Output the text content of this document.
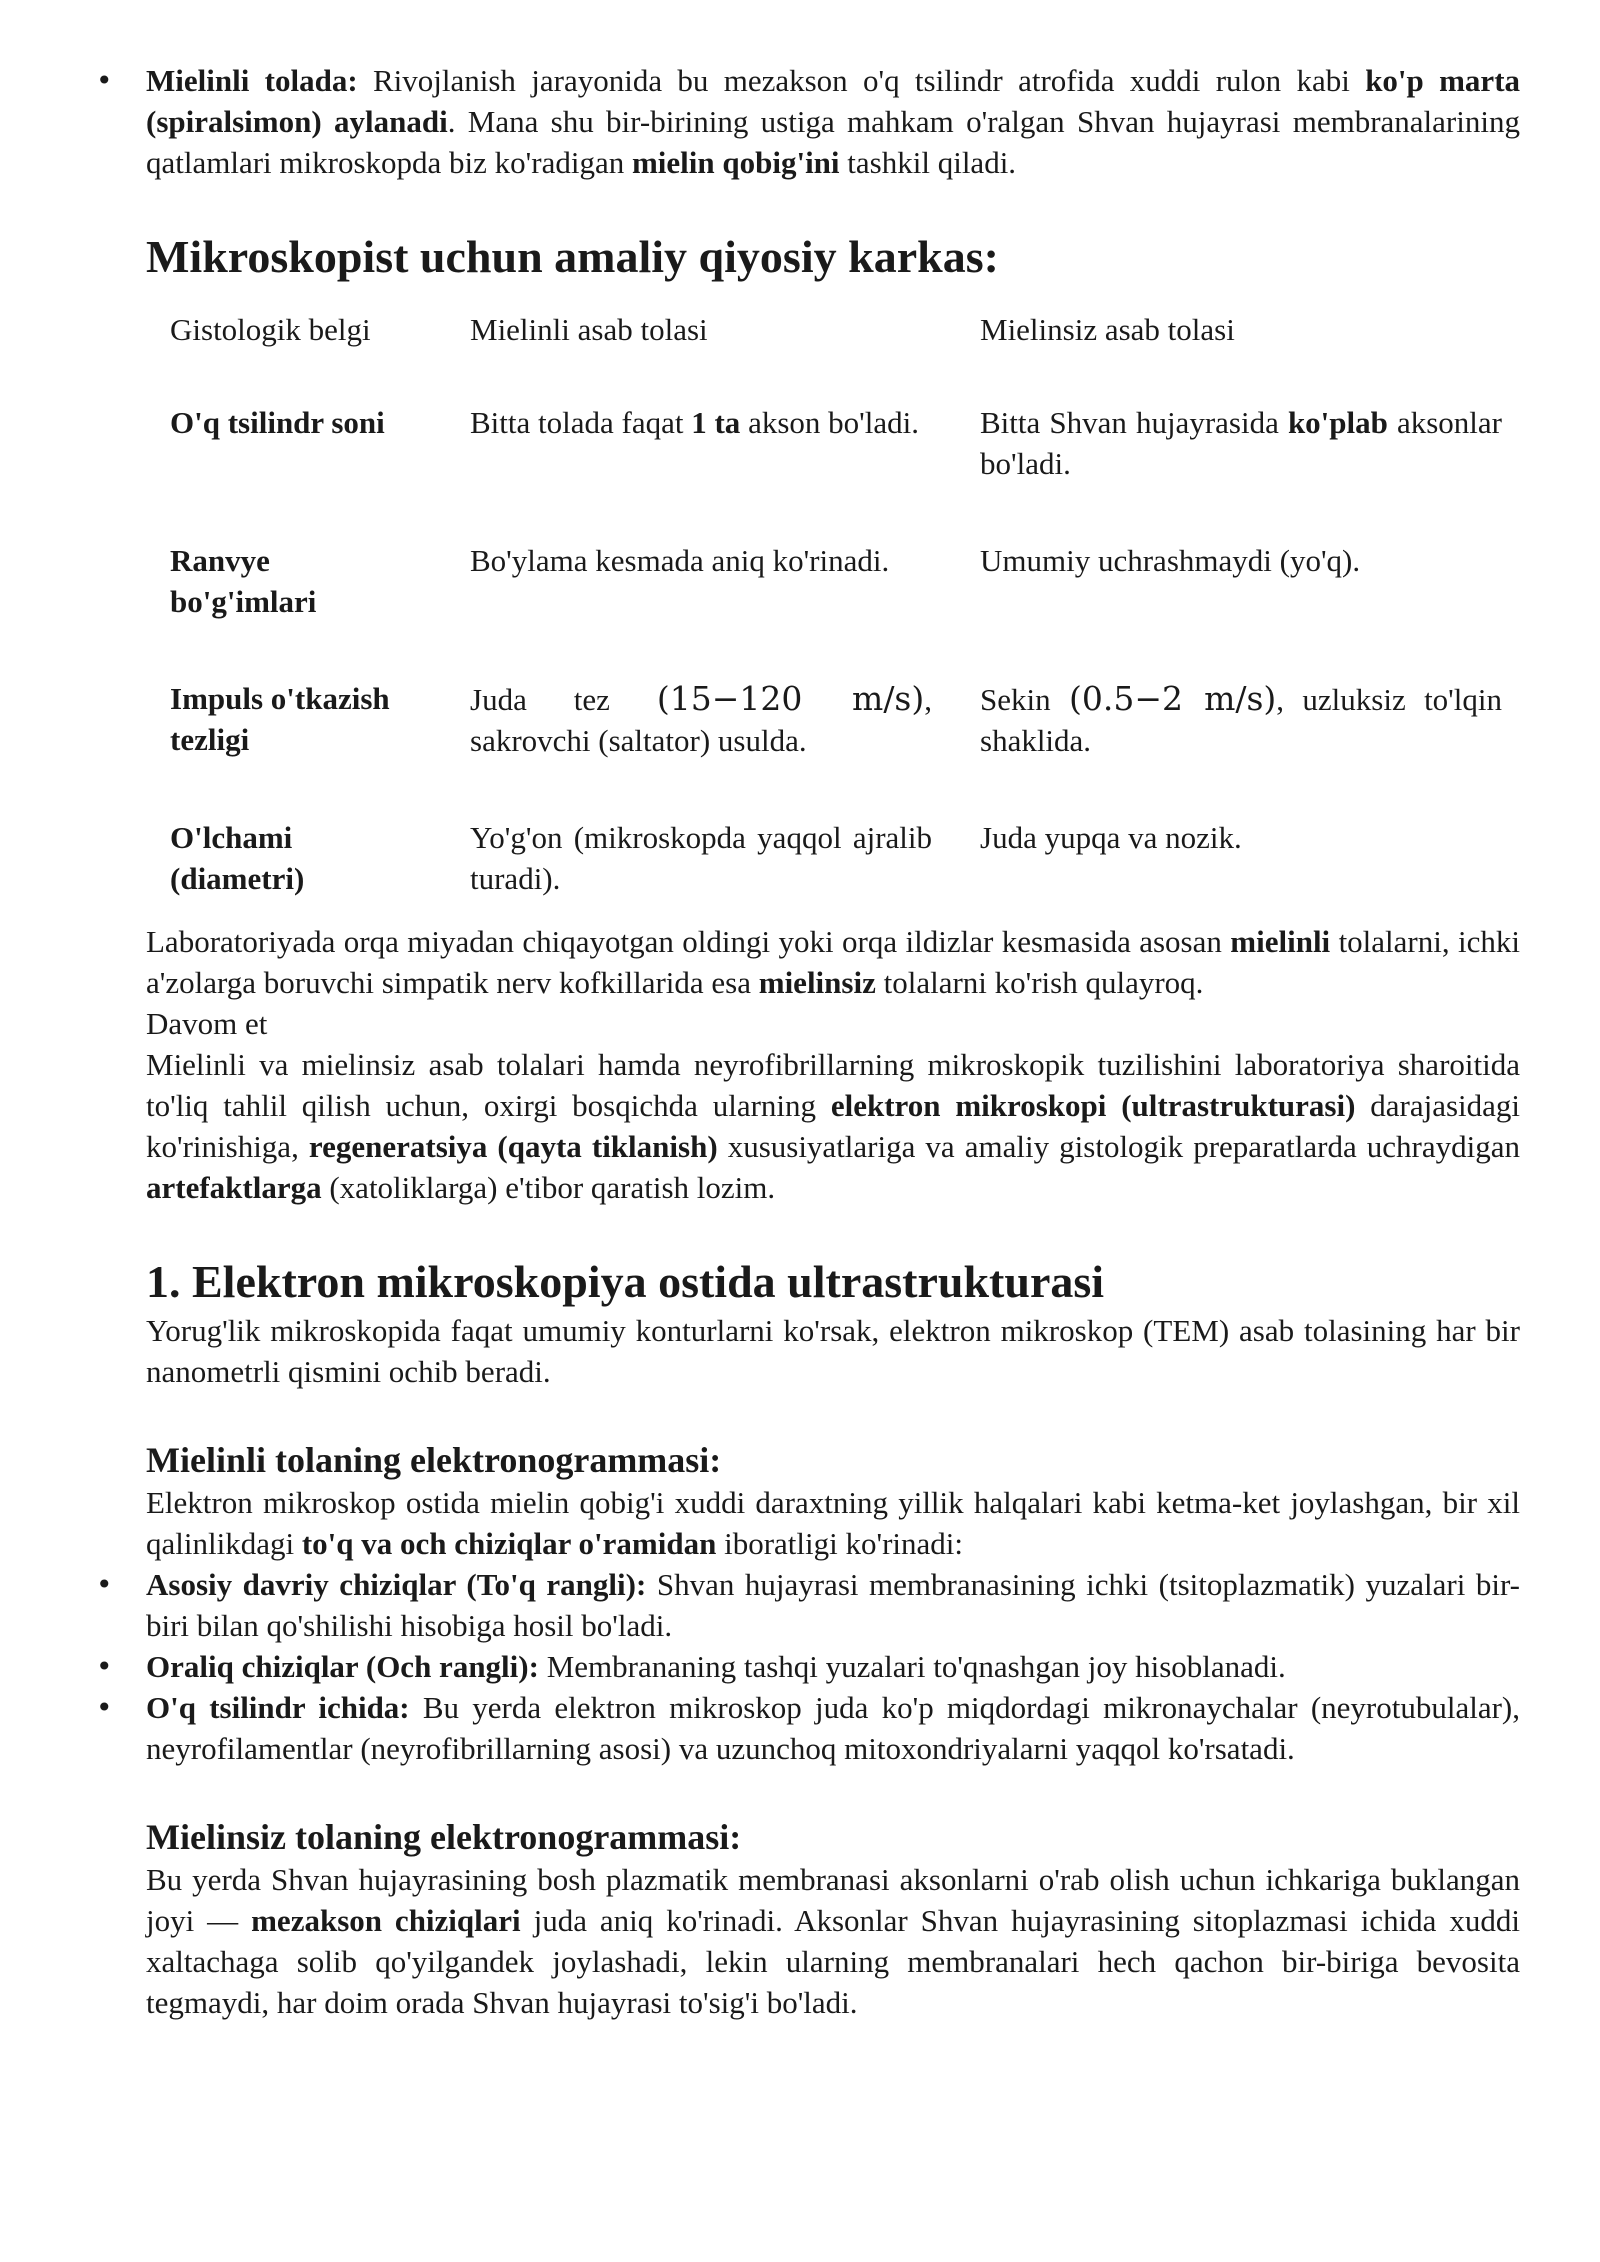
• Mielinli tolada: Rivojlanish jarayonida bu mezakson o'q tsilindr atrofida xuddi rulon kabi ko'p marta (spiralsimon) aylanadi. Mana shu bir-birining ustiga mahkam o'ralgan Shvan hujayrasi membranalarining qatlamlari mikroskopda biz ko'radigan mielin qobig'ini tashkil qiladi.
Mikroskopist uchun amaliy qiyosiy karkas:
Gistologik belgi	Mielinli asab tolasi	Mielinsiz asab tolasi
O'q tsilindr soni	Bitta tolada faqat 1 ta akson bo'ladi.	Bitta Shvan hujayrasida ko'plab aksonlar bo'ladi.
Ranvye bo'g'imlari	Bo'ylama kesmada aniq ko'rinadi.	Umumiy uchrashmaydi (yo'q).
Impuls o'tkazish tezligi	Juda tez (15−120 m/s), sakrovchi (saltator) usulda.	Sekin (0.5−2 m/s), uzluksiz to'lqin shaklida.
O'lchami (diametri)	Yo'g'on (mikroskopda yaqqol ajralib turadi).	Juda yupqa va nozik.

Laboratoriyada orqa miyadan chiqayotgan oldingi yoki orqa ildizlar kesmasida asosan mielinli tolalarni, ichki a'zolarga boruvchi simpatik nerv kofkillarida esa mielinsiz tolalarni ko'rish qulayroq.

Davom et

Mielinli va mielinsiz asab tolalari hamda neyrofibrillarning mikroskopik tuzilishini laboratoriya sharoitida to'liq tahlil qilish uchun, oxirgi bosqichda ularning elektron mikroskopi (ultrastrukturasi) darajasidagi ko'rinishiga, regeneratsiya (qayta tiklanish) xususiyatlariga va amaliy gistologik preparatlarda uchraydigan artefaktlarga (xatoliklarga) e'tibor qaratish lozim.

1. Elektron mikroskopiya ostida ultrastrukturasi

Yorug'lik mikroskopida faqat umumiy konturlarni ko'rsak, elektron mikroskop (TEM) asab tolasining har bir nanometrli qismini ochib beradi.

Mielinli tolaning elektronogrammasi:

Elektron mikroskop ostida mielin qobig'i xuddi daraxtning yillik halqalari kabi ketma-ket joylashgan, bir xil qalinlikdagi to'q va och chiziqlar o'ramidan iboratligi ko'rinadi:

• Asosiy davriy chiziqlar (To'q rangli): Shvan hujayrasi membranasining ichki (tsitoplazmatik) yuzalari bir-biri bilan qo'shilishi hisobiga hosil bo'ladi.
• Oraliq chiziqlar (Och rangli): Membrananing tashqi yuzalari to'qnashgan joy hisoblanadi.
• O'q tsilindr ichida: Bu yerda elektron mikroskop juda ko'p miqdordagi mikronaychalar (neyrotubulalar), neyrofilamentlar (neyrofibrillarning asosi) va uzunchoq mitoxondriyalarni yaqqol ko'rsatadi.
Mielinsiz tolaning elektronogrammasi:

Bu yerda Shvan hujayrasining bosh plazmatik membranasi aksonlarni o'rab olish uchun ichkariga buklangan joyi — mezakson chiziqlari juda aniq ko'rinadi. Aksonlar Shvan hujayrasining sitoplazmasi ichida xuddi xaltachaga solib qo'yilgandek joylashadi, lekin ularning membranalari hech qachon bir-biriga bevosita tegmaydi, har doim orada Shvan hujayrasi to'sig'i bo'ladi.
